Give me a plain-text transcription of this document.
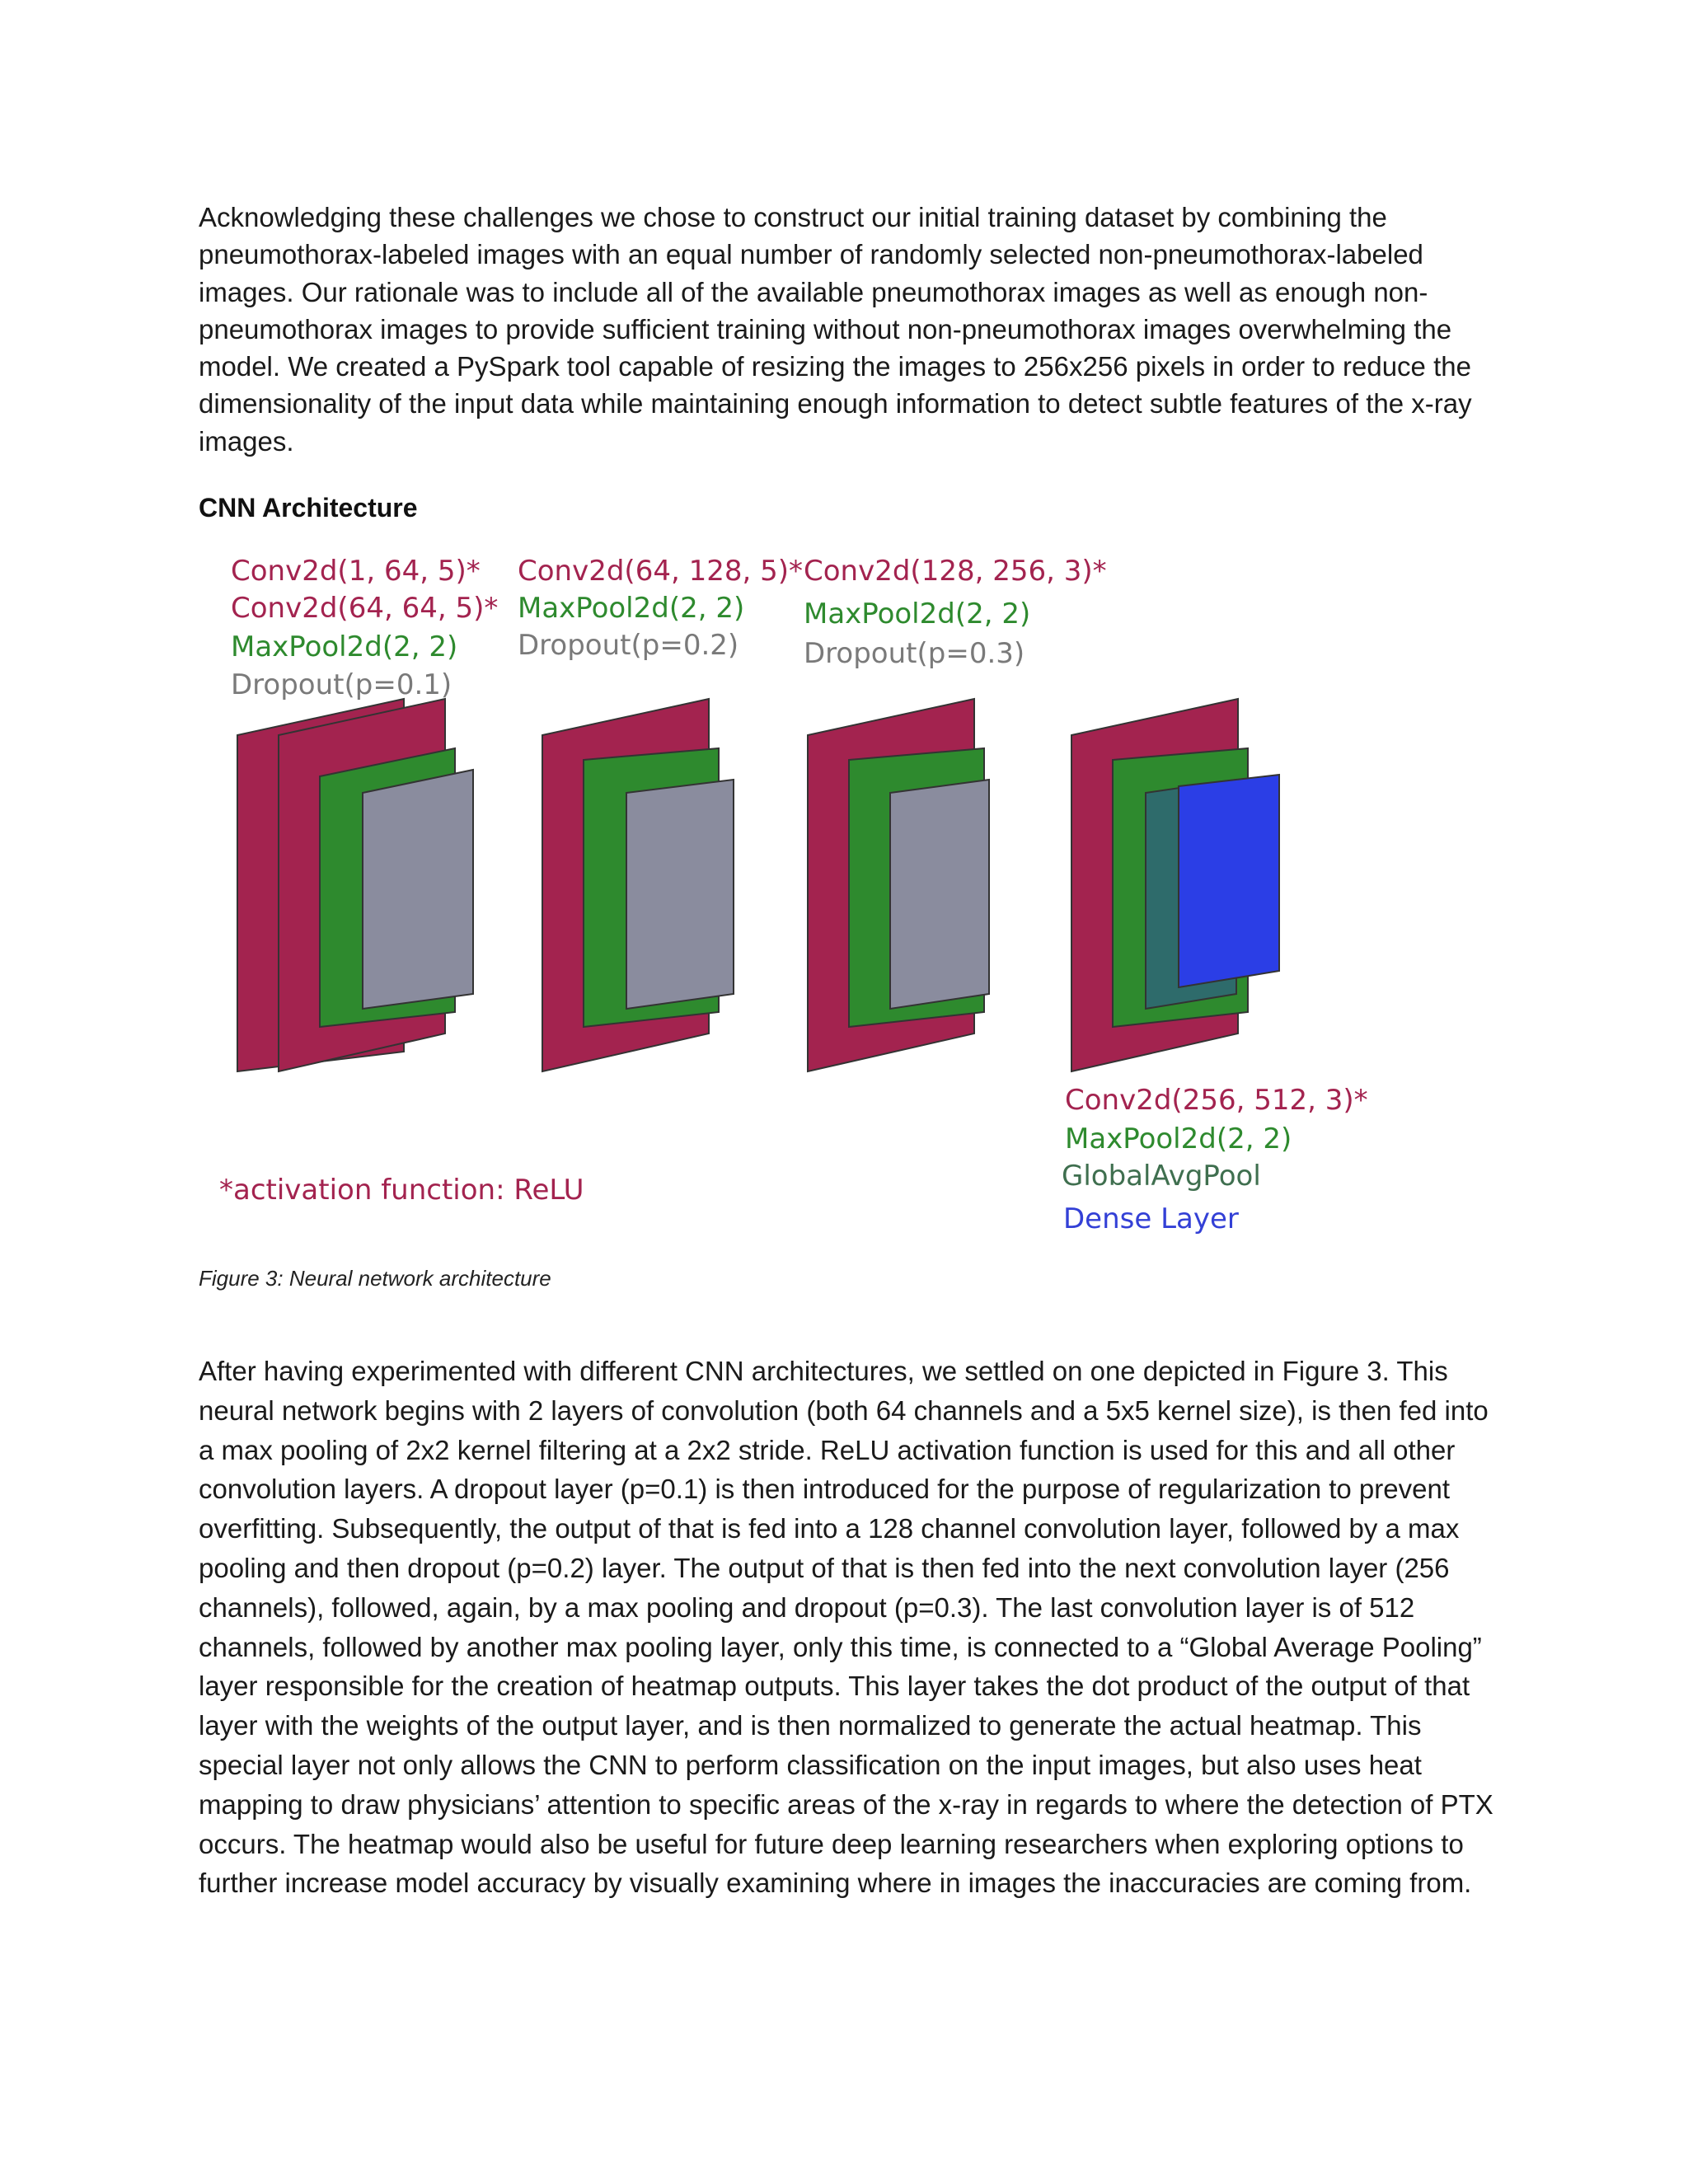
Acknowledging these challenges we chose to construct our initial training dataset by combining the pneumothorax-labeled images with an equal number of randomly selected non-pneumothorax-labeled images. Our rationale was to include all of the available pneumothorax images as well as enough non-pneumothorax images to provide sufficient training without non-pneumothorax images overwhelming the model. We created a PySpark tool capable of resizing the images to 256x256 pixels in order to reduce the dimensionality of the input data while maintaining enough information to detect subtle features of the x-ray images.

CNN Architecture
Conv2d(1, 64, 5)*
Conv2d(64, 64, 5)*
MaxPool2d(2, 2)
Dropout(p=0.1)
Conv2d(64, 128, 5)*
MaxPool2d(2, 2)
Dropout(p=0.2)
Conv2d(128, 256, 3)*
MaxPool2d(2, 2)
Dropout(p=0.3)
Conv2d(256, 512, 3)*
MaxPool2d(2, 2)
GlobalAvgPool
Dense Layer
*activation function: ReLU

Figure 3: Neural network architecture

After having experimented with different CNN architectures, we settled on one depicted in Figure 3. This neural network begins with 2 layers of convolution (both 64 channels and a 5x5 kernel size), is then fed into a max pooling of 2x2 kernel filtering at a 2x2 stride. ReLU activation function is used for this and all other convolution layers. A dropout layer (p=0.1) is then introduced for the purpose of regularization to prevent overfitting. Subsequently, the output of that is fed into a 128 channel convolution layer, followed by a max pooling and then dropout (p=0.2) layer. The output of that is then fed into the next convolution layer (256 channels), followed, again, by a max pooling and dropout (p=0.3). The last convolution layer is of 512 channels, followed by another max pooling layer, only this time, is connected to a “Global Average Pooling” layer responsible for the creation of heatmap outputs. This layer takes the dot product of the output of that layer with the weights of the output layer, and is then normalized to generate the actual heatmap. This special layer not only allows the CNN to perform classification on the input images, but also uses heat mapping to draw physicians’ attention to specific areas of the x-ray in regards to where the detection of PTX occurs. The heatmap would also be useful for future deep learning researchers when exploring options to further increase model accuracy by visually examining where in images the inaccuracies are coming from.
